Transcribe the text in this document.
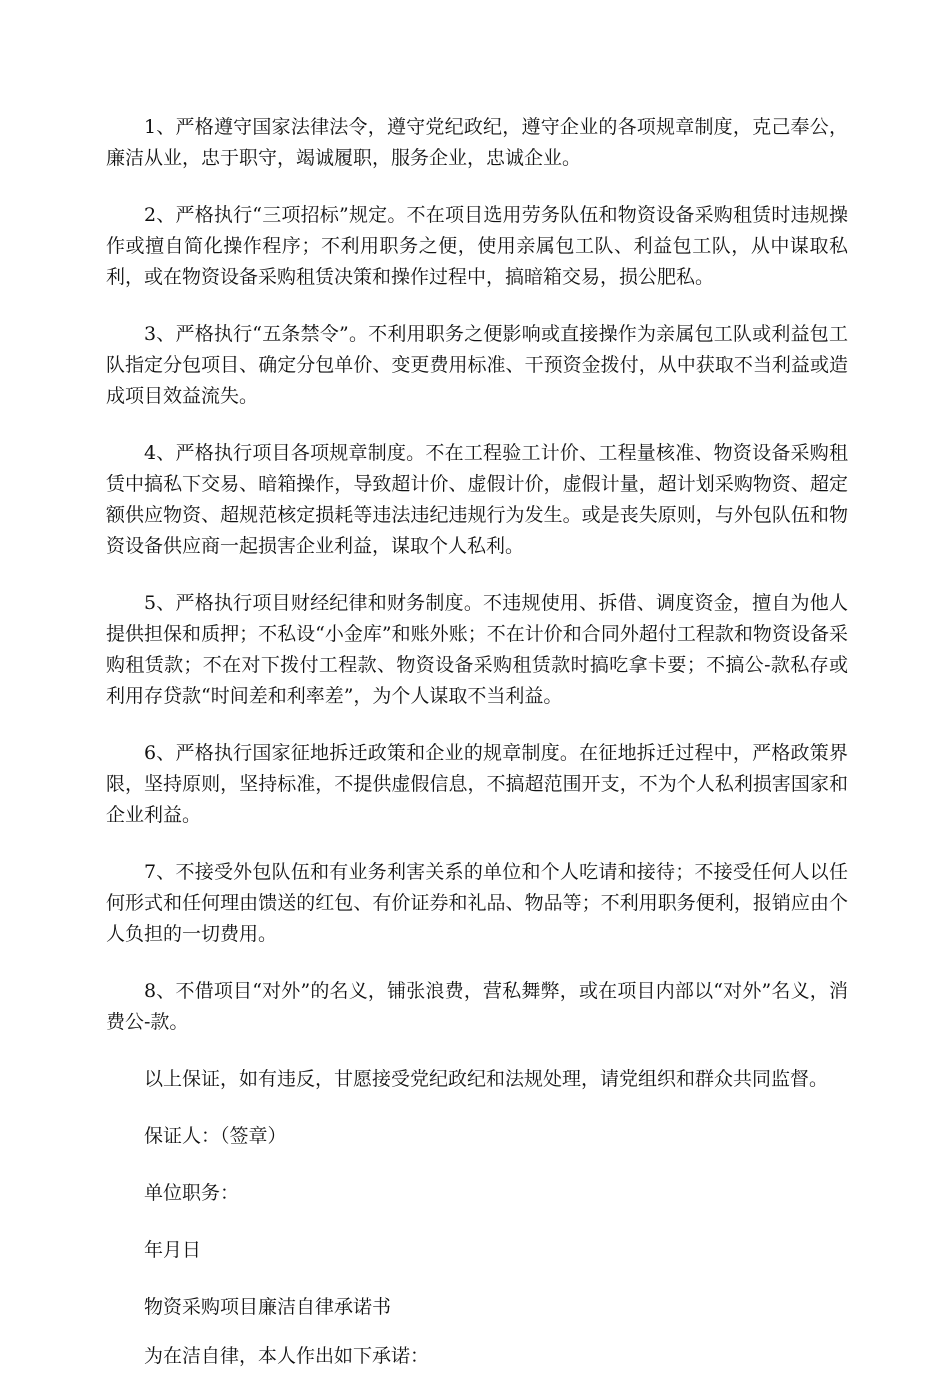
1、严格遵守国家法律法令，遵守党纪政纪，遵守企业的各项规章制度，克己奉公，廉洁从业，忠于职守，竭诚履职，服务企业，忠诚企业。

2、严格执行“三项招标”规定。不在项目选用劳务队伍和物资设备采购租赁时违规操作或擅自简化操作程序；不利用职务之便，使用亲属包工队、利益包工队，从中谋取私利，或在物资设备采购租赁决策和操作过程中，搞暗箱交易，损公肥私。

3、严格执行“五条禁令”。不利用职务之便影响或直接操作为亲属包工队或利益包工队指定分包项目、确定分包单价、变更费用标准、干预资金拨付，从中获取不当利益或造成项目效益流失。

4、严格执行项目各项规章制度。不在工程验工计价、工程量核准、物资设备采购租赁中搞私下交易、暗箱操作，导致超计价、虚假计价，虚假计量，超计划采购物资、超定额供应物资、超规范核定损耗等违法违纪违规行为发生。或是丧失原则，与外包队伍和物资设备供应商一起损害企业利益，谋取个人私利。

5、严格执行项目财经纪律和财务制度。不违规使用、拆借、调度资金，擅自为他人提供担保和质押；不私设“小金库”和账外账；不在计价和合同外超付工程款和物资设备采购租赁款；不在对下拨付工程款、物资设备采购租赁款时搞吃拿卡要；不搞公-款私存或利用存贷款“时间差和利率差”，为个人谋取不当利益。

6、严格执行国家征地拆迁政策和企业的规章制度。在征地拆迁过程中，严格政策界限，坚持原则，坚持标准，不提供虚假信息，不搞超范围开支，不为个人私利损害国家和企业利益。

7、不接受外包队伍和有业务利害关系的单位和个人吃请和接待；不接受任何人以任何形式和任何理由馈送的红包、有价证券和礼品、物品等；不利用职务便利，报销应由个人负担的一切费用。

8、不借项目“对外”的名义，铺张浪费，营私舞弊，或在项目内部以“对外”名义，消费公-款。

以上保证，如有违反，甘愿接受党纪政纪和法规处理，请党组织和群众共同监督。

保证人：（签章）

单位职务：

年月日

物资采购项目廉洁自律承诺书

为在洁自律，本人作出如下承诺：
